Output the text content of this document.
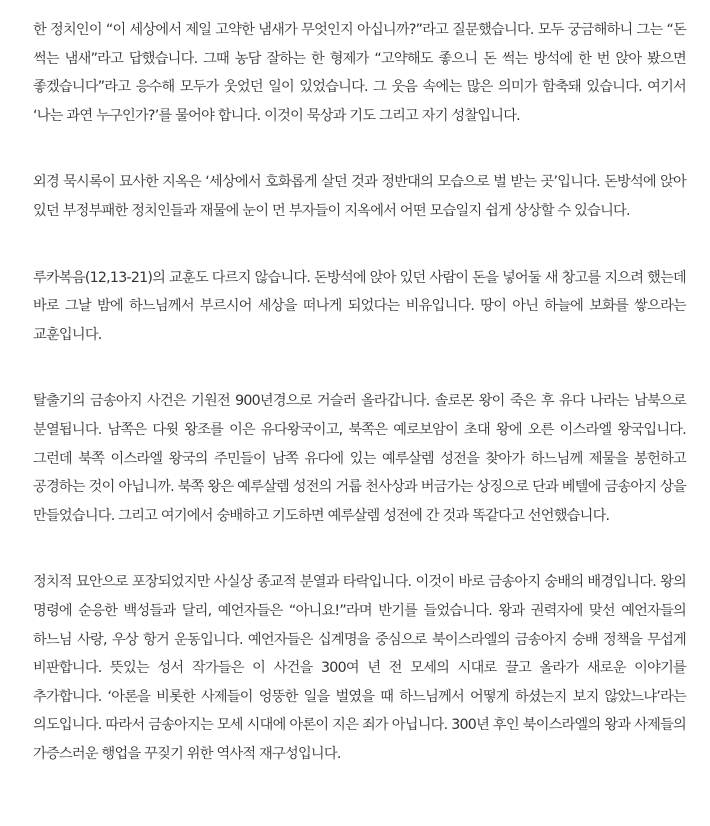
한 정치인이 “이 세상에서 제일 고약한 냄새가 무엇인지 아십니까?”라고 질문했습니다. 모두 궁금해하니 그는 “돈 썩는 냄새”라고 답했습니다. 그때 농담 잘하는 한 형제가 “고약해도 좋으니 돈 썩는 방석에 한 번 앉아 봤으면 좋겠습니다”라고 응수해 모두가 웃었던 일이 있었습니다. 그 웃음 속에는 많은 의미가 함축돼 있습니다. 여기서 ‘나는 과연 누구인가?’를 물어야 합니다. 이것이 묵상과 기도 그리고 자기 성찰입니다.

외경 묵시록이 묘사한 지옥은 ‘세상에서 호화롭게 살던 것과 정반대의 모습으로 벌 받는 곳’입니다. 돈방석에 앉아 있던 부정부패한 정치인들과 재물에 눈이 먼 부자들이 지옥에서 어떤 모습일지 쉽게 상상할 수 있습니다.

루카복음(12,13-21)의 교훈도 다르지 않습니다. 돈방석에 앉아 있던 사람이 돈을 넣어둘 새 창고를 지으려 했는데 바로 그날 밤에 하느님께서 부르시어 세상을 떠나게 되었다는 비유입니다. 땅이 아닌 하늘에 보화를 쌓으라는 교훈입니다.

탈출기의 금송아지 사건은 기원전 900년경으로 거슬러 올라갑니다. 솔로몬 왕이 죽은 후 유다 나라는 남북으로 분열됩니다. 남쪽은 다윗 왕조를 이은 유다왕국이고, 북쪽은 예로보암이 초대 왕에 오른 이스라엘 왕국입니다. 그런데 북쪽 이스라엘 왕국의 주민들이 남쪽 유다에 있는 예루살렘 성전을 찾아가 하느님께 제물을 봉헌하고 공경하는 것이 아닙니까. 북쪽 왕은 예루살렘 성전의 거룹 천사상과 버금가는 상징으로 단과 베텔에 금송아지 상을 만들었습니다. 그리고 여기에서 숭배하고 기도하면 예루살렘 성전에 간 것과 똑같다고 선언했습니다.

정치적 묘안으로 포장되었지만 사실상 종교적 분열과 타락입니다. 이것이 바로 금송아지 숭배의 배경입니다. 왕의 명령에 순응한 백성들과 달리, 예언자들은 “아니요!”라며 반기를 들었습니다. 왕과 권력자에 맞선 예언자들의 하느님 사랑, 우상 항거 운동입니다. 예언자들은 십계명을 중심으로 북이스라엘의 금송아지 숭배 정책을 무섭게 비판합니다. 뜻있는 성서 작가들은 이 사건을 300여 년 전 모세의 시대로 끌고 올라가 새로운 이야기를 추가합니다. ‘아론을 비롯한 사제들이 엉뚱한 일을 벌였을 때 하느님께서 어떻게 하셨는지 보지 않았느냐’라는 의도입니다. 따라서 금송아지는 모세 시대에 아론이 지은 죄가 아닙니다. 300년 후인 북이스라엘의 왕과 사제들의 가증스러운 행업을 꾸짖기 위한 역사적 재구성입니다.
